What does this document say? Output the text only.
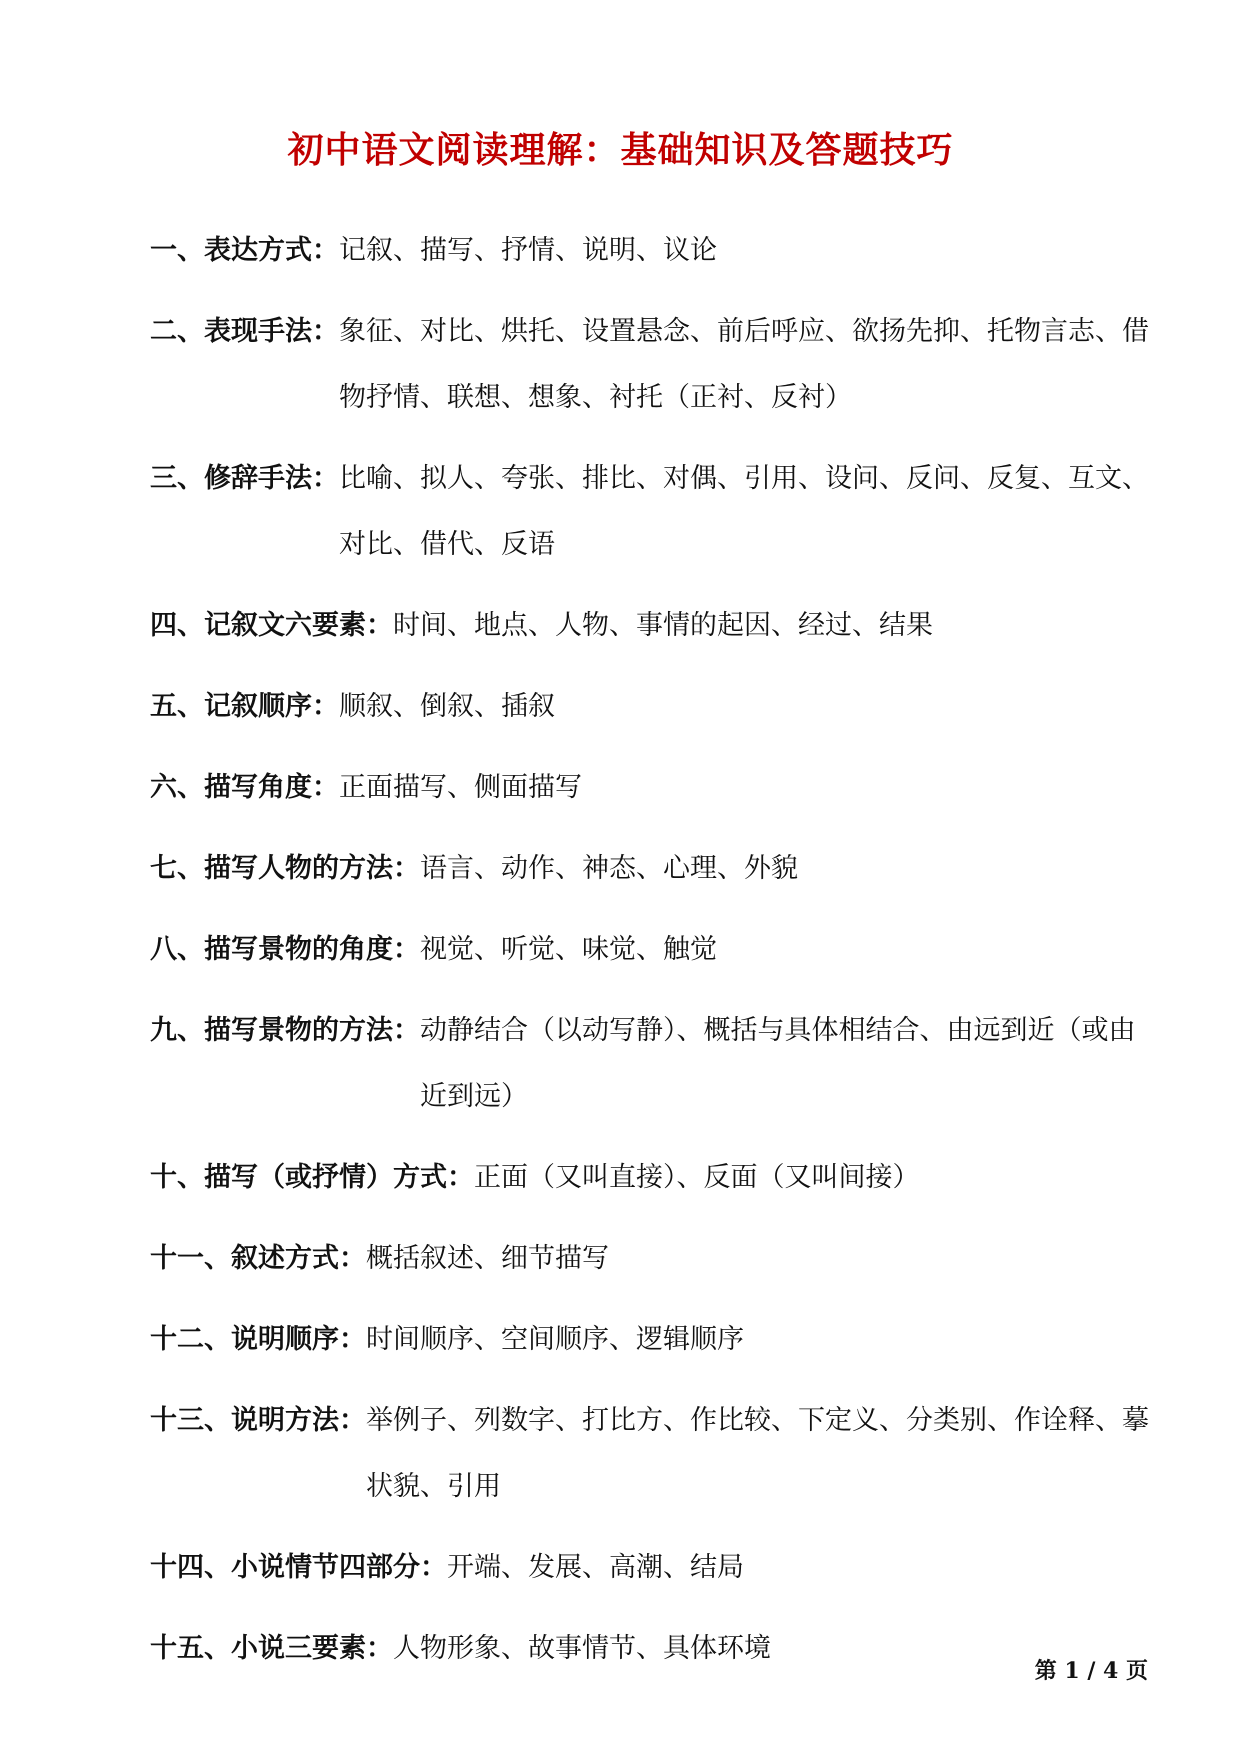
初中语文阅读理解：基础知识及答题技巧
一、表达方式： 记叙、描写、抒情、说明、议论
二、表现手法： 象征、对比、烘托、设置悬念、前后呼应、欲扬先抑、托物言志、借物抒情、联想、想象、衬托（正衬、反衬）
三、修辞手法： 比喻、拟人、夸张、排比、对偶、引用、设问、反问、反复、互文、对比、借代、反语
四、记叙文六要素： 时间、地点、人物、事情的起因、经过、结果
五、记叙顺序： 顺叙、倒叙、插叙
六、描写角度： 正面描写、侧面描写
七、描写人物的方法： 语言、动作、神态、心理、外貌
八、描写景物的角度： 视觉、听觉、味觉、触觉
九、描写景物的方法： 动静结合（以动写静）、概括与具体相结合、由远到近（或由近到远）
十、描写（或抒情）方式： 正面（又叫直接）、反面（又叫间接）
十一、叙述方式： 概括叙述、细节描写
十二、说明顺序： 时间顺序、空间顺序、逻辑顺序
十三、说明方法： 举例子、列数字、打比方、作比较、下定义、分类别、作诠释、摹状貌、引用
十四、小说情节四部分： 开端、发展、高潮、结局
十五、小说三要素： 人物形象、故事情节、具体环境
第 1 / 4 页
